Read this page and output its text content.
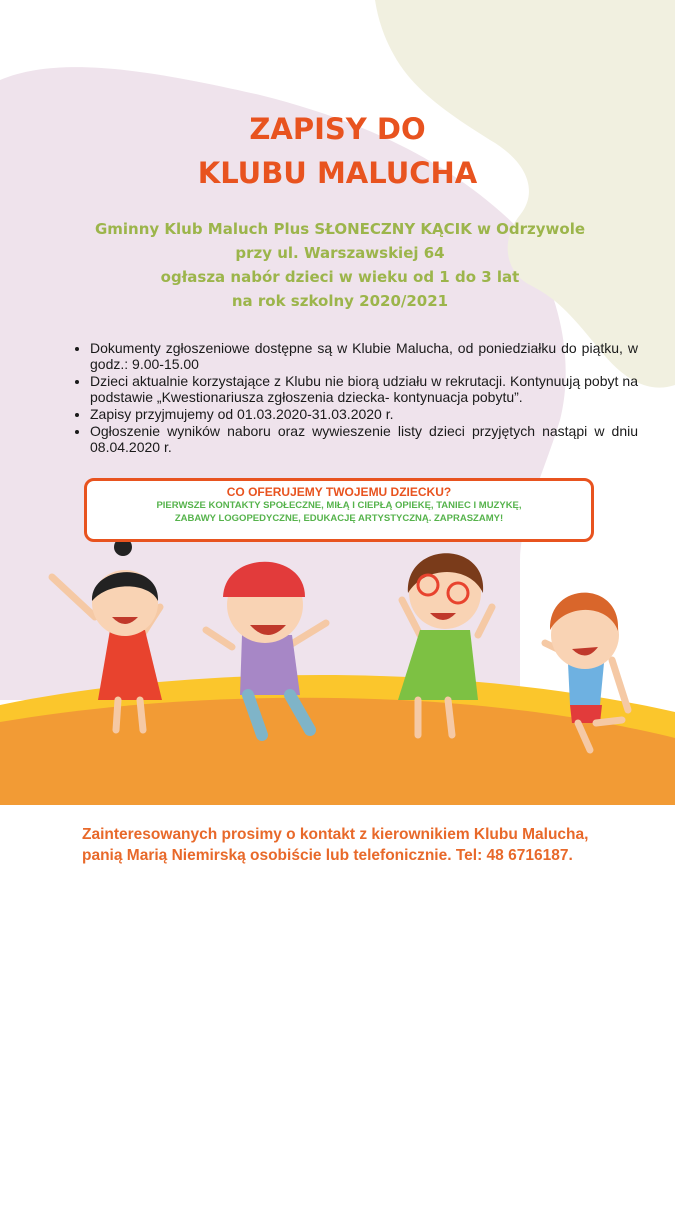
ZAPISY DO
KLUBU MALUCHA
Gminny Klub Maluch Plus SŁONECZNY KĄCIK w Odrzywole
przy ul. Warszawskiej 64
ogłasza nabór dzieci w wieku od 1 do 3 lat
na rok szkolny 2020/2021
• Dokumenty zgłoszeniowe dostępne są w Klubie Malucha, od poniedziałku do piątku, w godz.: 9.00-15.00
• Dzieci aktualnie korzystające z Klubu nie biorą udziału w rekrutacji. Kontynuują pobyt na podstawie „Kwestionariusza zgłoszenia dziecka- kontynuacja pobytu”.
• Zapisy przyjmujemy od 01.03.2020-31.03.2020 r.
• Ogłoszenie wyników naboru oraz wywieszenie listy dzieci przyjętych nastąpi w dniu 08.04.2020 r.
CO OFERUJEMY TWOJEMU DZIECKU?
PIERWSZE KONTAKTY SPOŁECZNE, MIŁĄ I CIEPŁĄ OPIEKĘ, TANIEC I MUZYKĘ,
ZABAWY LOGOPEDYCZNE, EDUKACJĘ ARTYSTYCZNĄ. ZAPRASZAMY!
Zainteresowanych prosimy o kontakt z kierownikiem Klubu Malucha,
panią Marią Niemirską osobiście lub telefonicznie. Tel: 48 6716187.
